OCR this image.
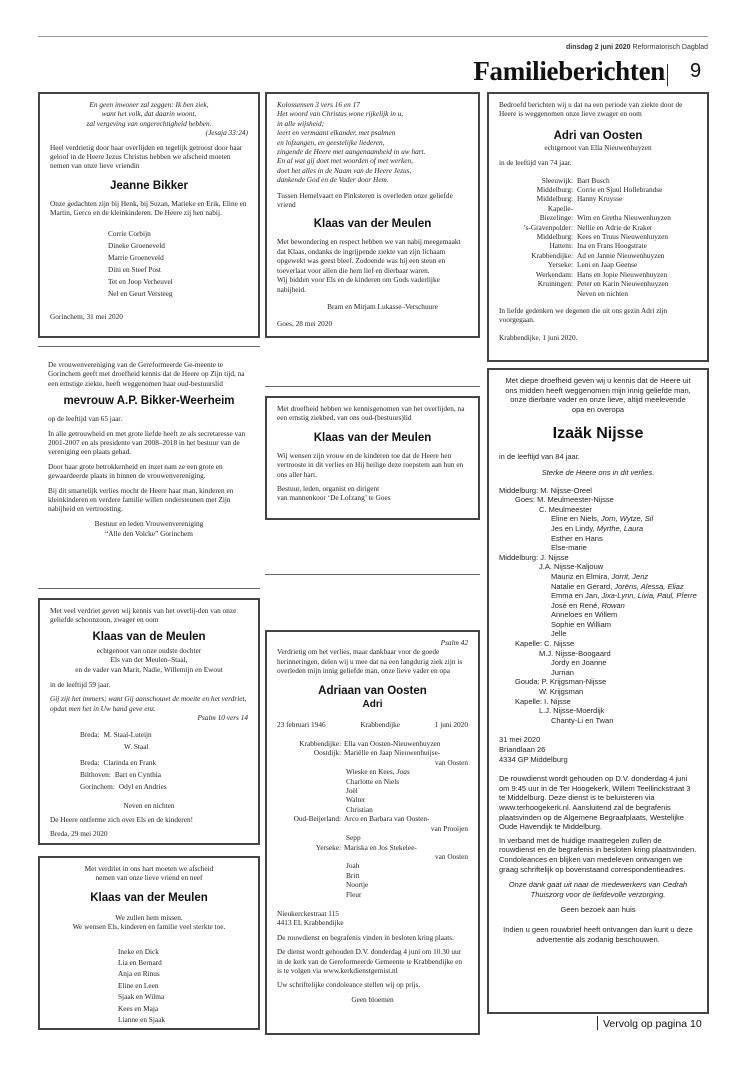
dinsdag 2 juni 2020 Reformatorisch Dagblad
Familieberichten 9
En geen inwoner zal zeggen: Ik ben ziek,
want het volk, dat daarin woont,
zal vergeving van ongerechtigheid hebben.

(Jesaja 33:24)

Heel verdrietig door haar overlijden en tegelijk getroost door haar geloof in de Heere Jezus Christus hebben we afscheid moeten nemen van onze lieve vriendin

Jeanne Bikker

Onze gedachten zijn bij Henk, bij Suzan, Marieke en Erik, Eline en Martin, Gerco en de kleinkinderen. De Heere zij hen nabij.

Corrie Corbijn
Dineke Groeneveld
Marrie Groeneveld
Dini en Steef Post
Tet en Joop Verheuvel
Nel en Geurt Versteeg

Gorinchem, 31 mei 2020

De vrouwenvereniging van de Gereformeerde Ge-meente te Gorinchem geeft met droefheid kennis dat de Heere op Zijn tijd, na een ernstige ziekte, heeft weggenomen haar oud-bestuurslid

mevrouw A.P. Bikker-Weerheim

op de leeftijd van 65 jaar.

In alle getrouwheid en met grote liefde heeft ze als secretaresse van 2001-2007 en als presidente van 2008–2018 in het bestuur van de vereniging een plaats gehad.

Door haar grote betrokkenheid en inzet nam ze een grote en gewaardeerde plaats in binnen de vrouwenvereniging.

Bij dit smartelijk verlies mocht de Heere haar man, kinderen en kleinkinderen en verdere familie willen ondersteunen met Zijn nabijheid en vertroosting.

Bestuur en leden Vrouwenvereniging
“Alle den Volcke” Gorinchem

Met veel verdriet geven wij kennis van het overlij-den van onze geliefde schoonzoon, zwager en oom

Klaas van de Meulen
echtgenoot van onze oudste dochter
Els van der Meulen–Staal,
en de vader van Marit, Nadie, Willemijn en Ewout

in de leeftijd 59 jaar.

Gij zijt het immers; want Gij aanschouwt de moeite en het verdriet, opdat men het in Uw hand geve enz.

Psalm 10 vers 14

Breda: M. Staal-Luteijn
W. Staal
Breda: Clarinda en Frank
Bilthoven: Bart en Cynthia
Gorinchem: Odyl en Andries

Neven en nichten

De Heere ontferme zich over Els en de kinderen!

Breda, 29 mei 2020

Met verdriet in ons hart moeten we afscheid
nemen van onze lieve vriend en neef
Klaas van der Meulen
We zullen hem missen.
We wensen Els, kinderen en familie veel sterkte toe.
Ineke en Dick
Lia en Bernard
Anja en Rinus
Eline en Leen
Sjaak en Wilma
Kees en Maja
Lianne en Sjaak
Kolossensen 3 vers 16 en 17
Het woord van Christus wone rijkelijk in u,
in alle wijsheid;
leert en vermaant elkander, met psalmen
en lofzangen, en geestelijke liederen,
zingende de Heere met aangenaamheid in uw hart.
En al wat gij doet met woorden of met werken,
doet het alles in de Naam van de Heere Jezus,
dankende God en de Vader door Hem.

Tussen Hemelvaart en Pinksteren is overleden onze geliefde vriend

Klaas van der Meulen
Met bewondering en respect hebben we van nabij meegemaakt dat Klaas, ondanks de ingrijpende ziekte van zijn lichaam opgewekt was geest bleef. Zodoende was hij een steun en toeverlaat voor allen die hem lief en dierbaar waren.

Wij bidden voor Els en de kinderen om Gods vaderlijke nabijheid.

Bram en Mirjam Lukasse–Verschuure

Goes, 28 mei 2020

Met droefheid hebben we kennisgenomen van het overlijden, na een ernstig ziekbed, van ons oud-(bestuurs)lid

Klaas van der Meulen

Wij wensen zijn vrouw en de kinderen toe dat de Heere hen vertrooste in dit verlies en Hij heilige deze roepstem aan hun en ons aller hart.

Bestuur, leden, organist en dirigent
van mannenkoor ‘De Lofzang’ te Goes
Psalm 42

Verdrietig om het verlies, maar dankbaar voor de goede herinneringen, delen wij u mee dat na een langdurig ziek zijn is overleden mijn innig geliefde man, onze lieve vader en opa

Adriaan van Oosten
Adri
23 februari 1946	Krabbendijke	1 juni 2020
Krabbendijke: Ella van Oosten-Nieuwenhuyzen
Oostdijk: Mariëlle en Jaap Nieuwenhuijse-
van Oosten
Wieske en Kees, Joas
Charlotte en Niels
Joël
Walter
Christian
Oud-Beijerland: Arco en Barbara van Oosten-
van Prooijen
Sepp
Yerseke: Mariska en Jos Stekelee-
van Oosten
Joah
Britt
Noortje
Fleur
Nieukerckestraat 115

4413 EL Krabbendijke

De rouwdienst en begrafenis vinden in besloten kring plaats.

De dienst wordt gehouden D.V. donderdag 4 juni om 10.30 uur in de kerk van de Gereformeerde Gemeente te Krabbendijke en is te volgen via www.kerkdienstgemist.nl

Uw schriftelijke condoleance stellen wij op prijs.

Geen bloemen

Bedroefd berichten wij u dat na een periode van ziekte door de Heere is weggenomen onze lieve zwager en oom

Adri van Oosten
echtgenoot van Ella Nieuwenhuyzen

in de leeftijd van 74 jaar.

Sleeuwijk: Bart Busch
Middelburg: Corrie en Sjuul Hollebrandse
Middelburg: Hanny Kruysse
Kapelle-
Biezelinge: Wim en Gretha Nieuwenhuyzen
’s-Gravenpolder: Nellie en Adrie de Kraker
Middelburg: Kees en Truus Nieuwenhuyzen
Hattem: Ina en Frans Hoogstrate
Krabbendijke: Ad en Jannie Nieuwenhuyzen
Yerseke: Leni en Jaap Geense
Werkendam: Hans en Jopie Nieuwenhuyzen
Kruiningen: Peter en Karin Nieuwenhuyzen
Neven en nichten

In liefde gedenken we degenen die uit ons gezin Adri zijn voorgegaan.

Krabbendijke, 1 juni 2020.

Met diepe droefheid geven wij u kennis dat de Heere uit ons midden heeft weggenomen mijn innig geliefde man, onze dierbare vader en onze lieve, altijd meelevende opa en overopa
Izaäk Nijsse
in de leeftijd van 84 jaar.
Sterke de Heere ons in dit verlies.
Middelburg: M. Nijsse-Oreel
Goes: M. Meulmeester-Nijsse
C. Meulmeester
Eline en Niels, Jorn, Wytze, Sil
Jes en Lindy, Myrthe, Laura
Esther en Hans
Else-marie
Middelburg: J. Nijsse
J.A. Nijsse-Kaljouw
Mauriz en Elmira, Jorrit, Jenz
Natalie en Gerard, Jorëns, Alessa, Eliaz
Emma en Jan, Jixa-Lynn, Livia, Paul, Pîerre
José en René, Rowan
Anneloes en Willem
Sophie en William
Jelle
Kapelle: C. Nijsse
M.J. Nijsse-Boogaard
Jordy en Joanne
Jurrian
Gouda: P. Krijgsman-Nijsse
W. Krijgsman
Kapelle: I. Nijsse
L.J. Nijsse-Moerdijk
Chanty-Li en Twan
31 mei 2020
Briandlaan 26
4334 GP Middelburg

De rouwdienst wordt gehouden op D.V. donderdag 4 juni om 9:45 uur in de Ter Hoogekerk, Willem Teellinckstraat 3 te Middelburg. Deze dienst is te beluisteren via www.terhoogekerk.nl. Aansluitend zal de begrafenis plaatsvinden op de Algemene Begraafplaats, Westelijke Oude Havendijk te Middelburg.

In verband met de huidige maatregelen zullen de rouwdienst en de begrafenis in besloten kring plaatsvinden.

Condoleances en blijken van medeleven ontvangen we graag schriftelijk op bovenstaand correspondentieadres.

Onze dank gaat uit naar de medewerkers van Cedrah Thuiszorg voor de liefdevolle verzorging.
Geen bezoek aan huis
Indien u geen rouwbrief heeft ontvangen dan kunt u deze advertentie als zodanig beschouwen.
Vervolg op pagina 10
